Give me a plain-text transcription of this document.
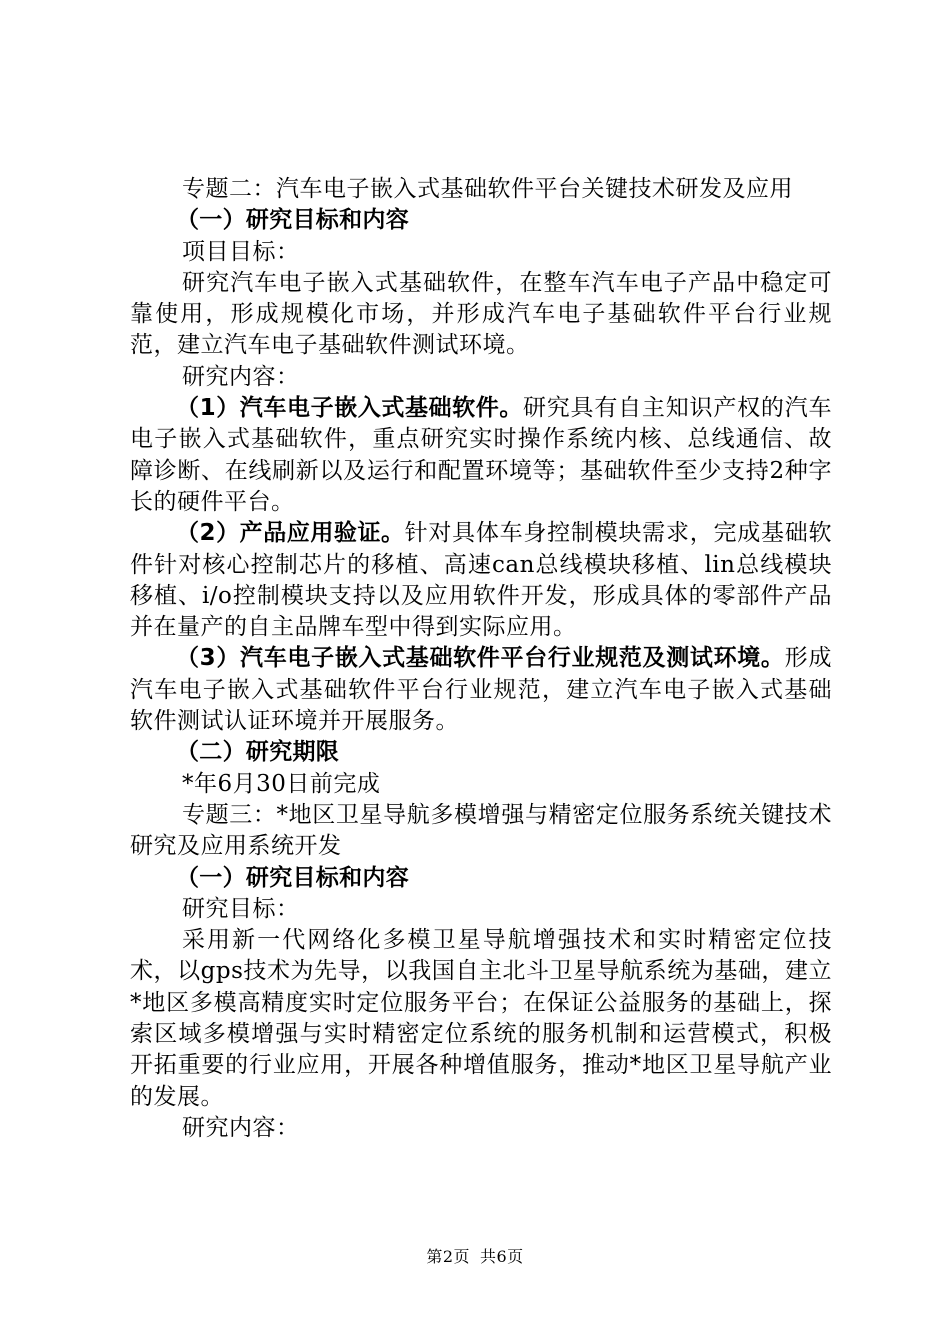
专题二：汽车电子嵌入式基础软件平台关键技术研发及应用

（一）研究目标和内容

项目目标：

研究汽车电子嵌入式基础软件，在整车汽车电子产品中稳定可靠使用，形成规模化市场，并形成汽车电子基础软件平台行业规范，建立汽车电子基础软件测试环境。

研究内容：

（1）汽车电子嵌入式基础软件。研究具有自主知识产权的汽车电子嵌入式基础软件，重点研究实时操作系统内核、总线通信、故障诊断、在线刷新以及运行和配置环境等；基础软件至少支持2种字长的硬件平台。

（2）产品应用验证。针对具体车身控制模块需求，完成基础软件针对核心控制芯片的移植、高速can总线模块移植、lin总线模块移植、i/o控制模块支持以及应用软件开发，形成具体的零部件产品并在量产的自主品牌车型中得到实际应用。

（3）汽车电子嵌入式基础软件平台行业规范及测试环境。形成汽车电子嵌入式基础软件平台行业规范，建立汽车电子嵌入式基础软件测试认证环境并开展服务。

（二）研究期限

*年6月30日前完成

专题三：*地区卫星导航多模增强与精密定位服务系统关键技术研究及应用系统开发

（一）研究目标和内容

研究目标：

采用新一代网络化多模卫星导航增强技术和实时精密定位技术，以gps技术为先导，以我国自主北斗卫星导航系统为基础，建立*地区多模高精度实时定位服务平台；在保证公益服务的基础上，探索区域多模增强与实时精密定位系统的服务机制和运营模式，积极开拓重要的行业应用，开展各种增值服务，推动*地区卫星导航产业的发展。

研究内容：

第2页 共6页
